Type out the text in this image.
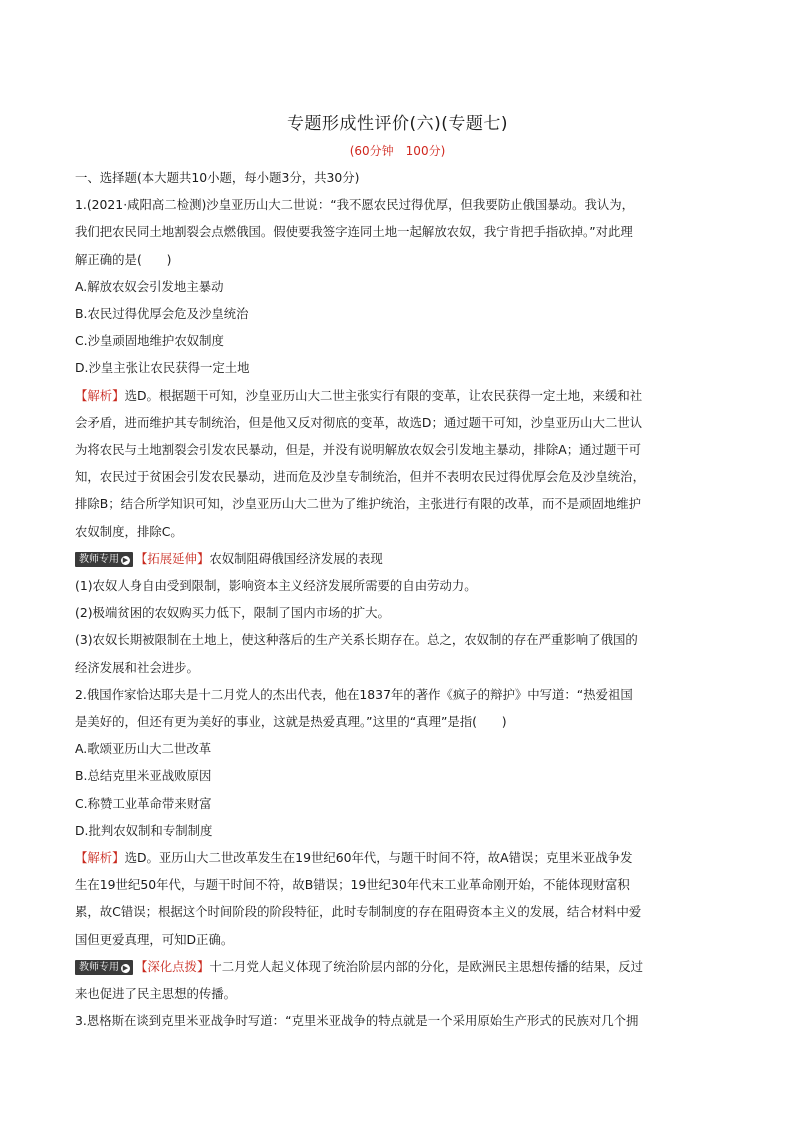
专题形成性评价(六)(专题七)
(60分钟　100分)
一、选择题(本大题共10小题，每小题3分，共30分)
1.(2021·咸阳高二检测)沙皇亚历山大二世说：“我不愿农民过得优厚，但我要防止俄国暴动。我认为，
我们把农民同土地割裂会点燃俄国。假使要我签字连同土地一起解放农奴，我宁肯把手指砍掉。”对此理
解正确的是(　　)
A.解放农奴会引发地主暴动
B.农民过得优厚会危及沙皇统治
C.沙皇顽固地维护农奴制度
D.沙皇主张让农民获得一定土地
【解析】选D。根据题干可知，沙皇亚历山大二世主张实行有限的变革，让农民获得一定土地，来缓和社
会矛盾，进而维护其专制统治，但是他又反对彻底的变革，故选D；通过题干可知，沙皇亚历山大二世认
为将农民与土地割裂会引发农民暴动，但是，并没有说明解放农奴会引发地主暴动，排除A；通过题干可
知，农民过于贫困会引发农民暴动，进而危及沙皇专制统治，但并不表明农民过得优厚会危及沙皇统治，
排除B；结合所学知识可知，沙皇亚历山大二世为了维护统治，主张进行有限的改革，而不是顽固地维护
农奴制度，排除C。
教师专用 ▶ 【拓展延伸】农奴制阻碍俄国经济发展的表现
(1)农奴人身自由受到限制，影响资本主义经济发展所需要的自由劳动力。
(2)极端贫困的农奴购买力低下，限制了国内市场的扩大。
(3)农奴长期被限制在土地上，使这种落后的生产关系长期存在。总之，农奴制的存在严重影响了俄国的
经济发展和社会进步。
2.俄国作家恰达耶夫是十二月党人的杰出代表，他在1837年的著作《疯子的辩护》中写道：“热爱祖国
是美好的，但还有更为美好的事业，这就是热爱真理。”这里的“真理”是指(　　)
A.歌颂亚历山大二世改革
B.总结克里米亚战败原因
C.称赞工业革命带来财富
D.批判农奴制和专制制度
【解析】选D。亚历山大二世改革发生在19世纪60年代，与题干时间不符，故A错误；克里米亚战争发
生在19世纪50年代，与题干时间不符，故B错误；19世纪30年代末工业革命刚开始，不能体现财富积
累，故C错误；根据这个时间阶段的阶段特征，此时专制制度的存在阻碍资本主义的发展，结合材料中爱
国但更爱真理，可知D正确。
教师专用 ▶ 【深化点拨】十二月党人起义体现了统治阶层内部的分化，是欧洲民主思想传播的结果，反过
来也促进了民主思想的传播。
3.恩格斯在谈到克里米亚战争时写道：“克里米亚战争的特点就是一个采用原始生产形式的民族对几个拥
